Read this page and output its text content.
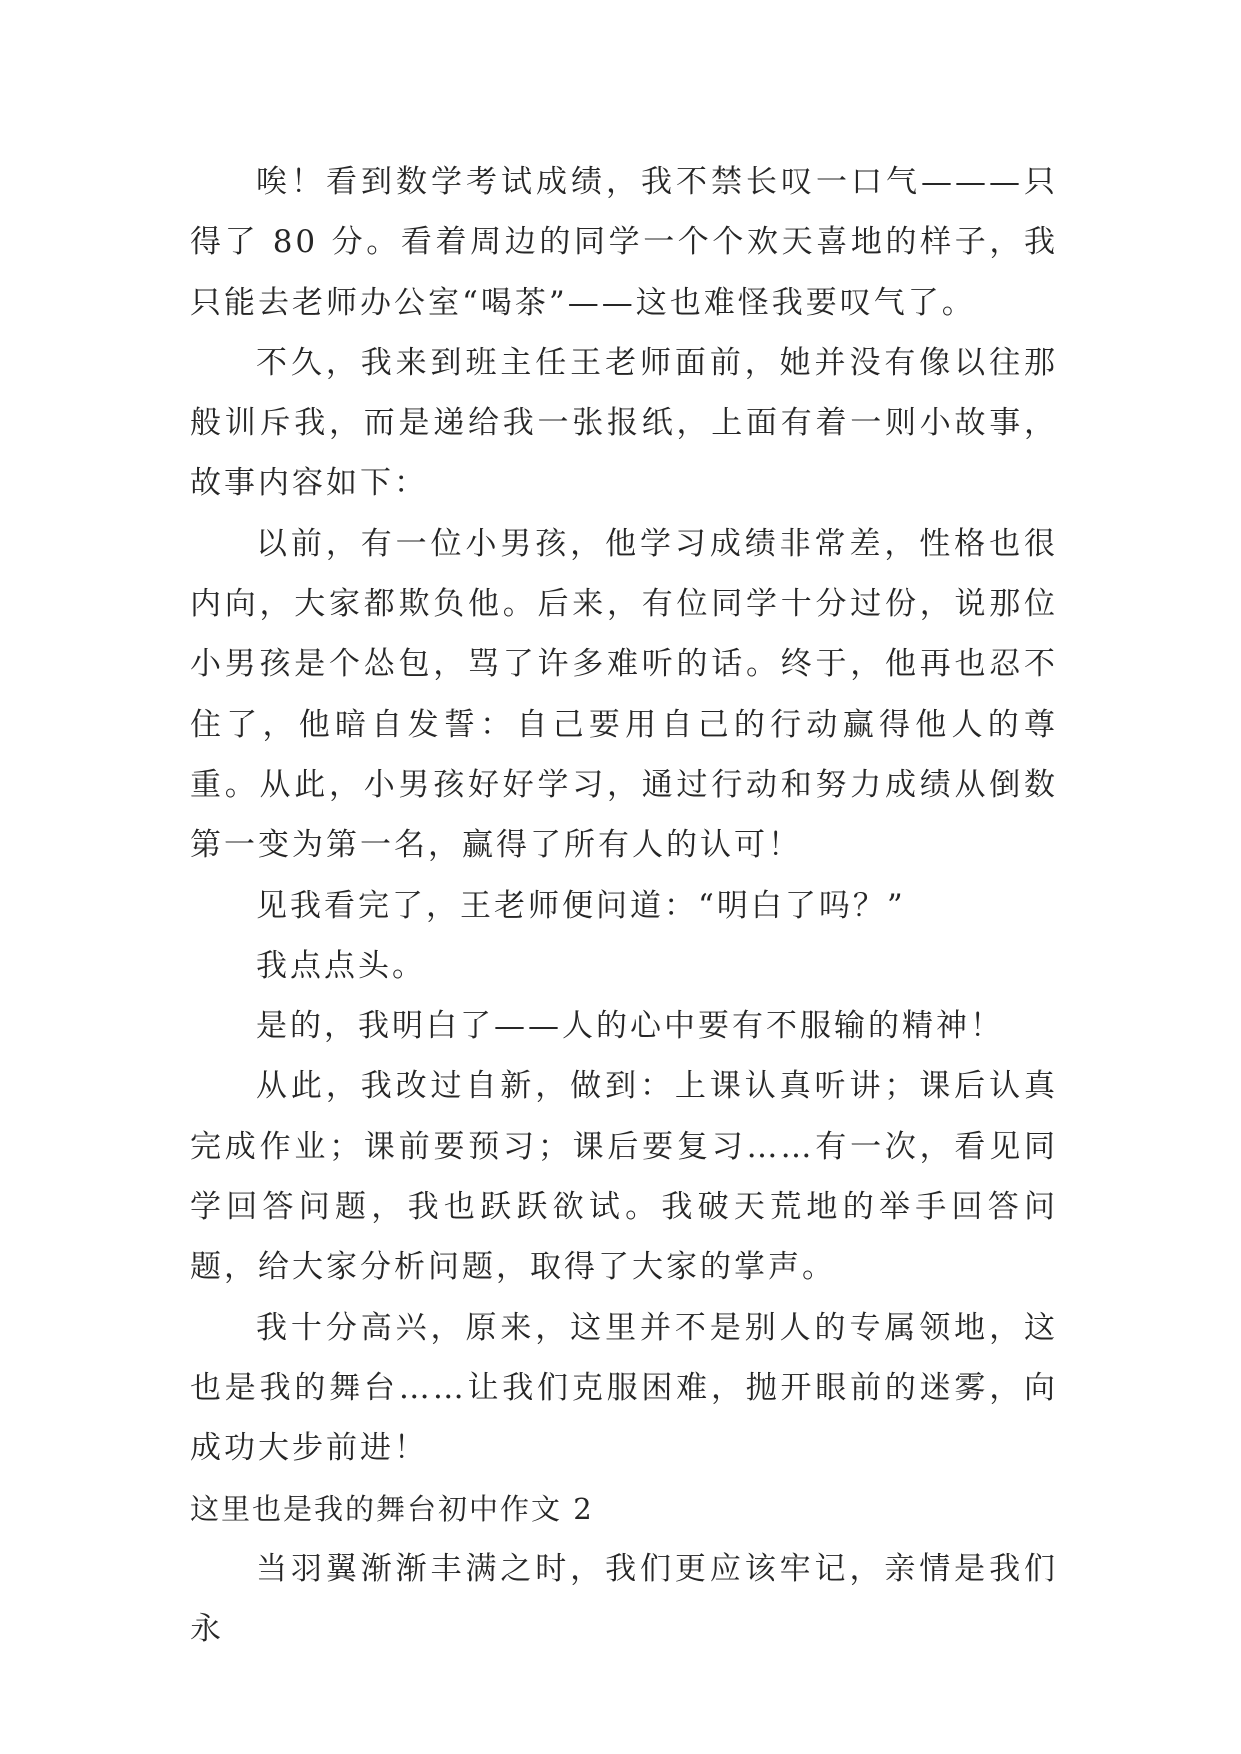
唉！看到数学考试成绩，我不禁长叹一口气———只得了 80 分。看着周边的同学一个个欢天喜地的样子，我只能去老师办公室“喝茶”——这也难怪我要叹气了。

不久，我来到班主任王老师面前，她并没有像以往那般训斥我，而是递给我一张报纸，上面有着一则小故事，故事内容如下：

以前，有一位小男孩，他学习成绩非常差，性格也很内向，大家都欺负他。后来，有位同学十分过份，说那位小男孩是个怂包，骂了许多难听的话。终于，他再也忍不住了，他暗自发誓：自己要用自己的行动赢得他人的尊重。从此，小男孩好好学习，通过行动和努力成绩从倒数第一变为第一名，赢得了所有人的认可！

见我看完了，王老师便问道：“明白了吗？”

我点点头。

是的，我明白了——人的心中要有不服输的精神！

从此，我改过自新，做到：上课认真听讲；课后认真完成作业；课前要预习；课后要复习……有一次，看见同学回答问题，我也跃跃欲试。我破天荒地的举手回答问题，给大家分析问题，取得了大家的掌声。

我十分高兴，原来，这里并不是别人的专属领地，这也是我的舞台……让我们克服困难，抛开眼前的迷雾，向成功大步前进！

这里也是我的舞台初中作文 2

当羽翼渐渐丰满之时，我们更应该牢记，亲情是我们永
